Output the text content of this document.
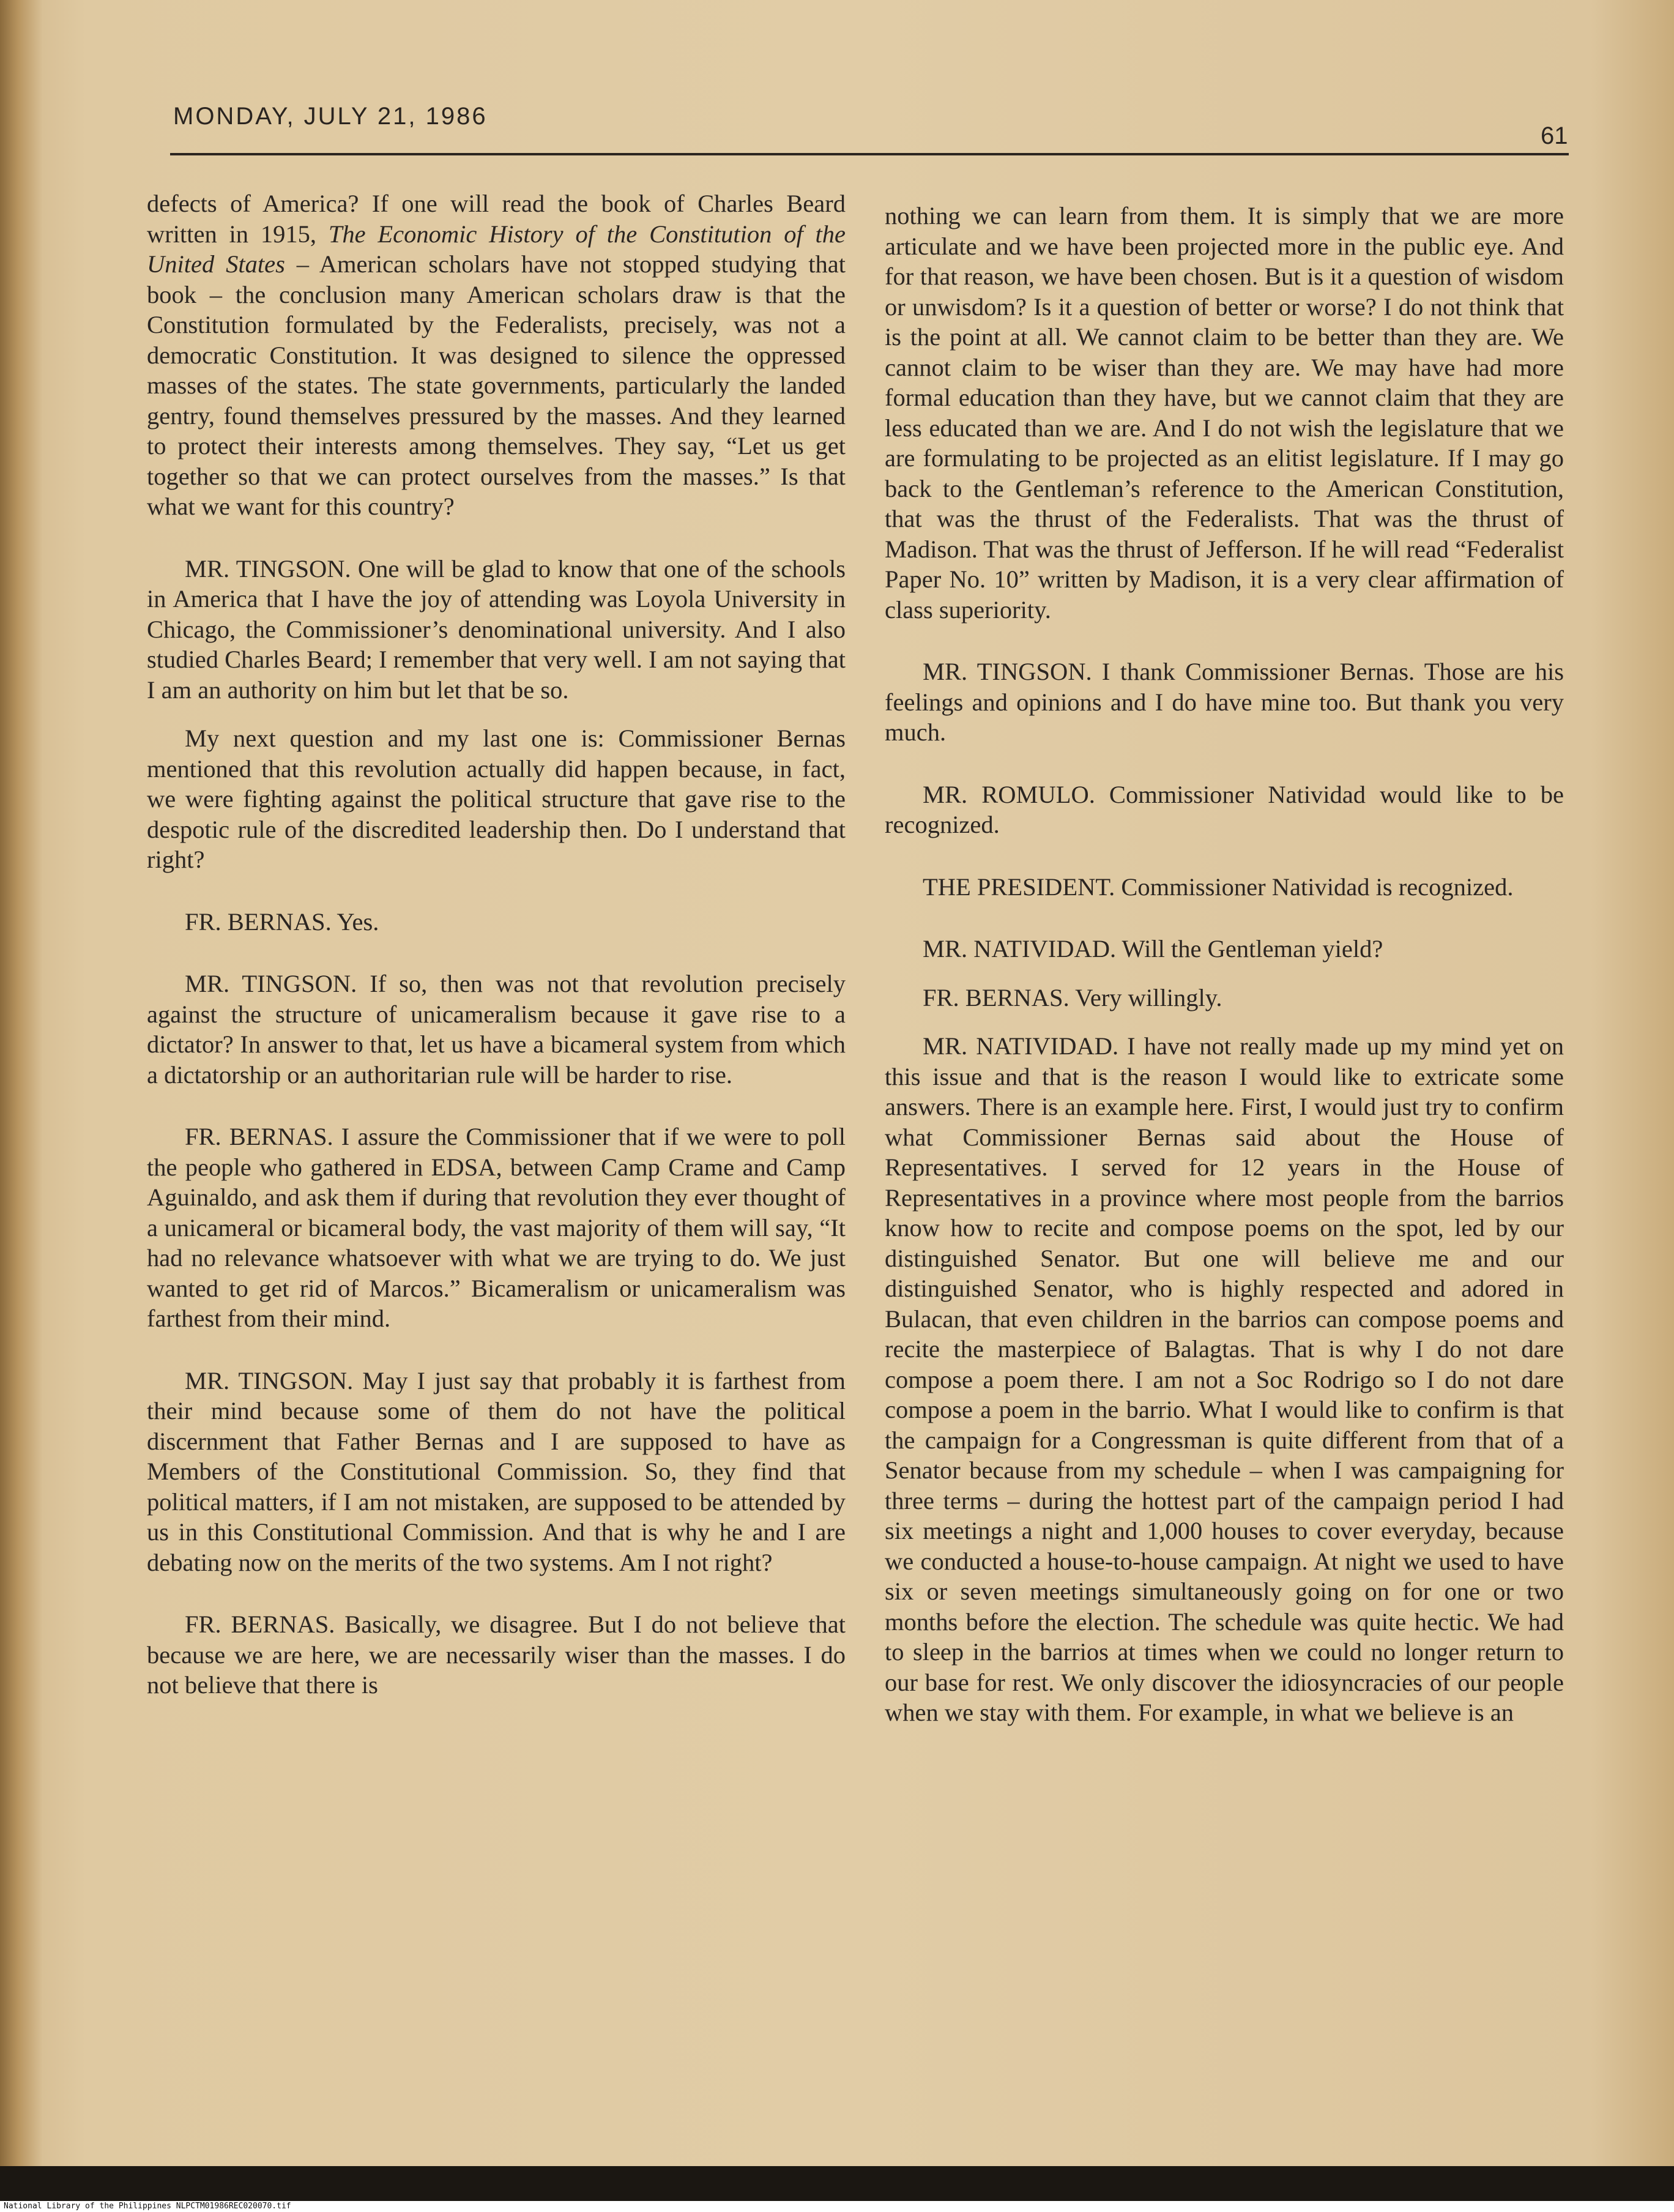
MONDAY, JULY 21, 1986
61

defects of America? If one will read the book of Charles Beard written in 1915, The Economic History of the Constitution of the United States – American scholars have not stopped studying that book – the conclusion many American scholars draw is that the Constitution formulated by the Federalists, precisely, was not a democratic Constitution. It was designed to silence the oppressed masses of the states. The state governments, particularly the landed gentry, found themselves pressured by the masses. And they learned to protect their interests among themselves. They say, “Let us get together so that we can protect ourselves from the masses.” Is that what we want for this country?

MR. TINGSON. One will be glad to know that one of the schools in America that I have the joy of attending was Loyola University in Chicago, the Commissioner’s denominational university. And I also studied Charles Beard; I remember that very well. I am not saying that I am an authority on him but let that be so.

My next question and my last one is: Commissioner Bernas mentioned that this revolution actually did happen because, in fact, we were fighting against the political structure that gave rise to the despotic rule of the discredited leadership then. Do I understand that right?

FR. BERNAS. Yes.

MR. TINGSON. If so, then was not that revolution precisely against the structure of unicameralism because it gave rise to a dictator? In answer to that, let us have a bicameral system from which a dictatorship or an authoritarian rule will be harder to rise.

FR. BERNAS. I assure the Commissioner that if we were to poll the people who gathered in EDSA, between Camp Crame and Camp Aguinaldo, and ask them if during that revolution they ever thought of a unicameral or bicameral body, the vast majority of them will say, “It had no relevance whatsoever with what we are trying to do. We just wanted to get rid of Marcos.” Bicameralism or unicameralism was farthest from their mind.

MR. TINGSON. May I just say that probably it is farthest from their mind because some of them do not have the political discernment that Father Bernas and I are supposed to have as Members of the Constitutional Commission. So, they find that political matters, if I am not mistaken, are supposed to be attended by us in this Constitutional Commission. And that is why he and I are debating now on the merits of the two systems. Am I not right?

FR. BERNAS. Basically, we disagree. But I do not believe that because we are here, we are necessarily wiser than the masses. I do not believe that there is

nothing we can learn from them. It is simply that we are more articulate and we have been projected more in the public eye. And for that reason, we have been chosen. But is it a question of wisdom or unwisdom? Is it a question of better or worse? I do not think that is the point at all. We cannot claim to be better than they are. We cannot claim to be wiser than they are. We may have had more formal education than they have, but we cannot claim that they are less educated than we are. And I do not wish the legislature that we are formulating to be projected as an elitist legislature. If I may go back to the Gentleman’s reference to the American Constitution, that was the thrust of the Federalists. That was the thrust of Madison. That was the thrust of Jefferson. If he will read “Federalist Paper No. 10” written by Madison, it is a very clear affirmation of class superiority.

MR. TINGSON. I thank Commissioner Bernas. Those are his feelings and opinions and I do have mine too. But thank you very much.

MR. ROMULO. Commissioner Natividad would like to be recognized.

THE PRESIDENT. Commissioner Natividad is recognized.

MR. NATIVIDAD. Will the Gentleman yield?

FR. BERNAS. Very willingly.

MR. NATIVIDAD. I have not really made up my mind yet on this issue and that is the reason I would like to extricate some answers. There is an example here. First, I would just try to confirm what Commissioner Bernas said about the House of Representatives. I served for 12 years in the House of Representatives in a province where most people from the barrios know how to recite and compose poems on the spot, led by our distinguished Senator. But one will believe me and our distinguished Senator, who is highly respected and adored in Bulacan, that even children in the barrios can compose poems and recite the masterpiece of Balagtas. That is why I do not dare compose a poem there. I am not a Soc Rodrigo so I do not dare compose a poem in the barrio. What I would like to confirm is that the campaign for a Congressman is quite different from that of a Senator because from my schedule – when I was campaigning for three terms – during the hottest part of the campaign period I had six meetings a night and 1,000 houses to cover everyday, because we conducted a house-to-house campaign. At night we used to have six or seven meetings simultaneously going on for one or two months before the election. The schedule was quite hectic. We had to sleep in the barrios at times when we could no longer return to our base for rest. We only discover the idiosyncracies of our people when we stay with them. For example, in what we believe is an

National Library of the Philippines NLPCTM01986REC020070.tif
